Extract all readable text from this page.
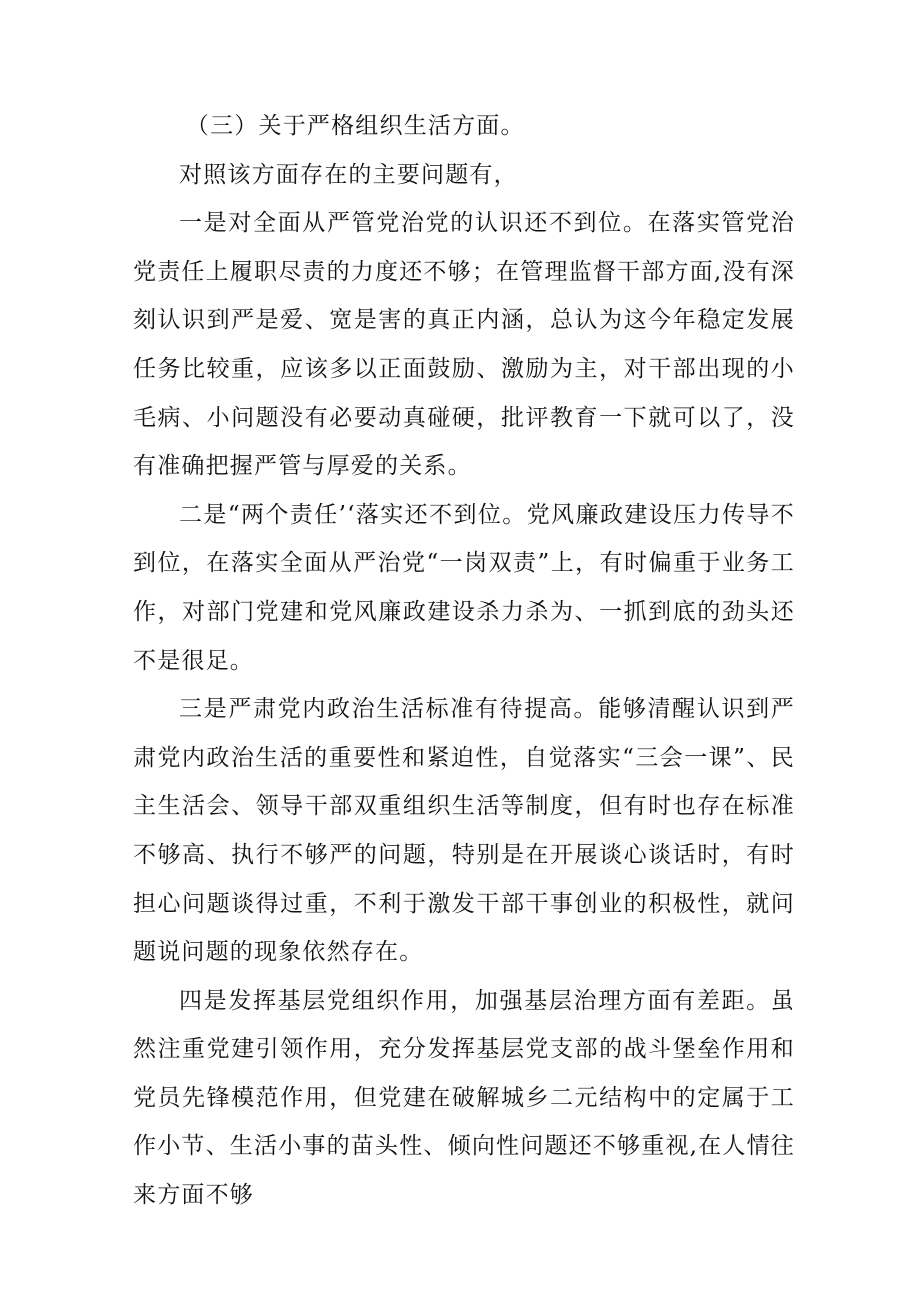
（三）关于严格组织生活方面。

对照该方面存在的主要问题有，

一是对全面从严管党治党的认识还不到位。在落实管党治党责任上履职尽责的力度还不够；在管理监督干部方面,没有深刻认识到严是爱、宽是害的真正内涵，总认为这今年稳定发展任务比较重，应该多以正面鼓励、激励为主，对干部出现的小毛病、小问题没有必要动真碰硬，批评教育一下就可以了，没有准确把握严管与厚爱的关系。

二是“两个责任’‘落实还不到位。党风廉政建设压力传导不到位，在落实全面从严治党“一岗双责”上，有时偏重于业务工作，对部门党建和党风廉政建设杀力杀为、一抓到底的劲头还不是很足。

三是严肃党内政治生活标准有待提高。能够清醒认识到严肃党内政治生活的重要性和紧迫性，自觉落实“三会一课”、民主生活会、领导干部双重组织生活等制度，但有时也存在标准不够高、执行不够严的问题，特别是在开展谈心谈话时，有时担心问题谈得过重，不利于激发干部干事创业的积极性，就问题说问题的现象依然存在。

四是发挥基层党组织作用，加强基层治理方面有差距。虽然注重党建引领作用，充分发挥基层党支部的战斗堡垒作用和党员先锋模范作用，但党建在破解城乡二元结构中的定属于工作小节、生活小事的苗头性、倾向性问题还不够重视,在人情往来方面不够
